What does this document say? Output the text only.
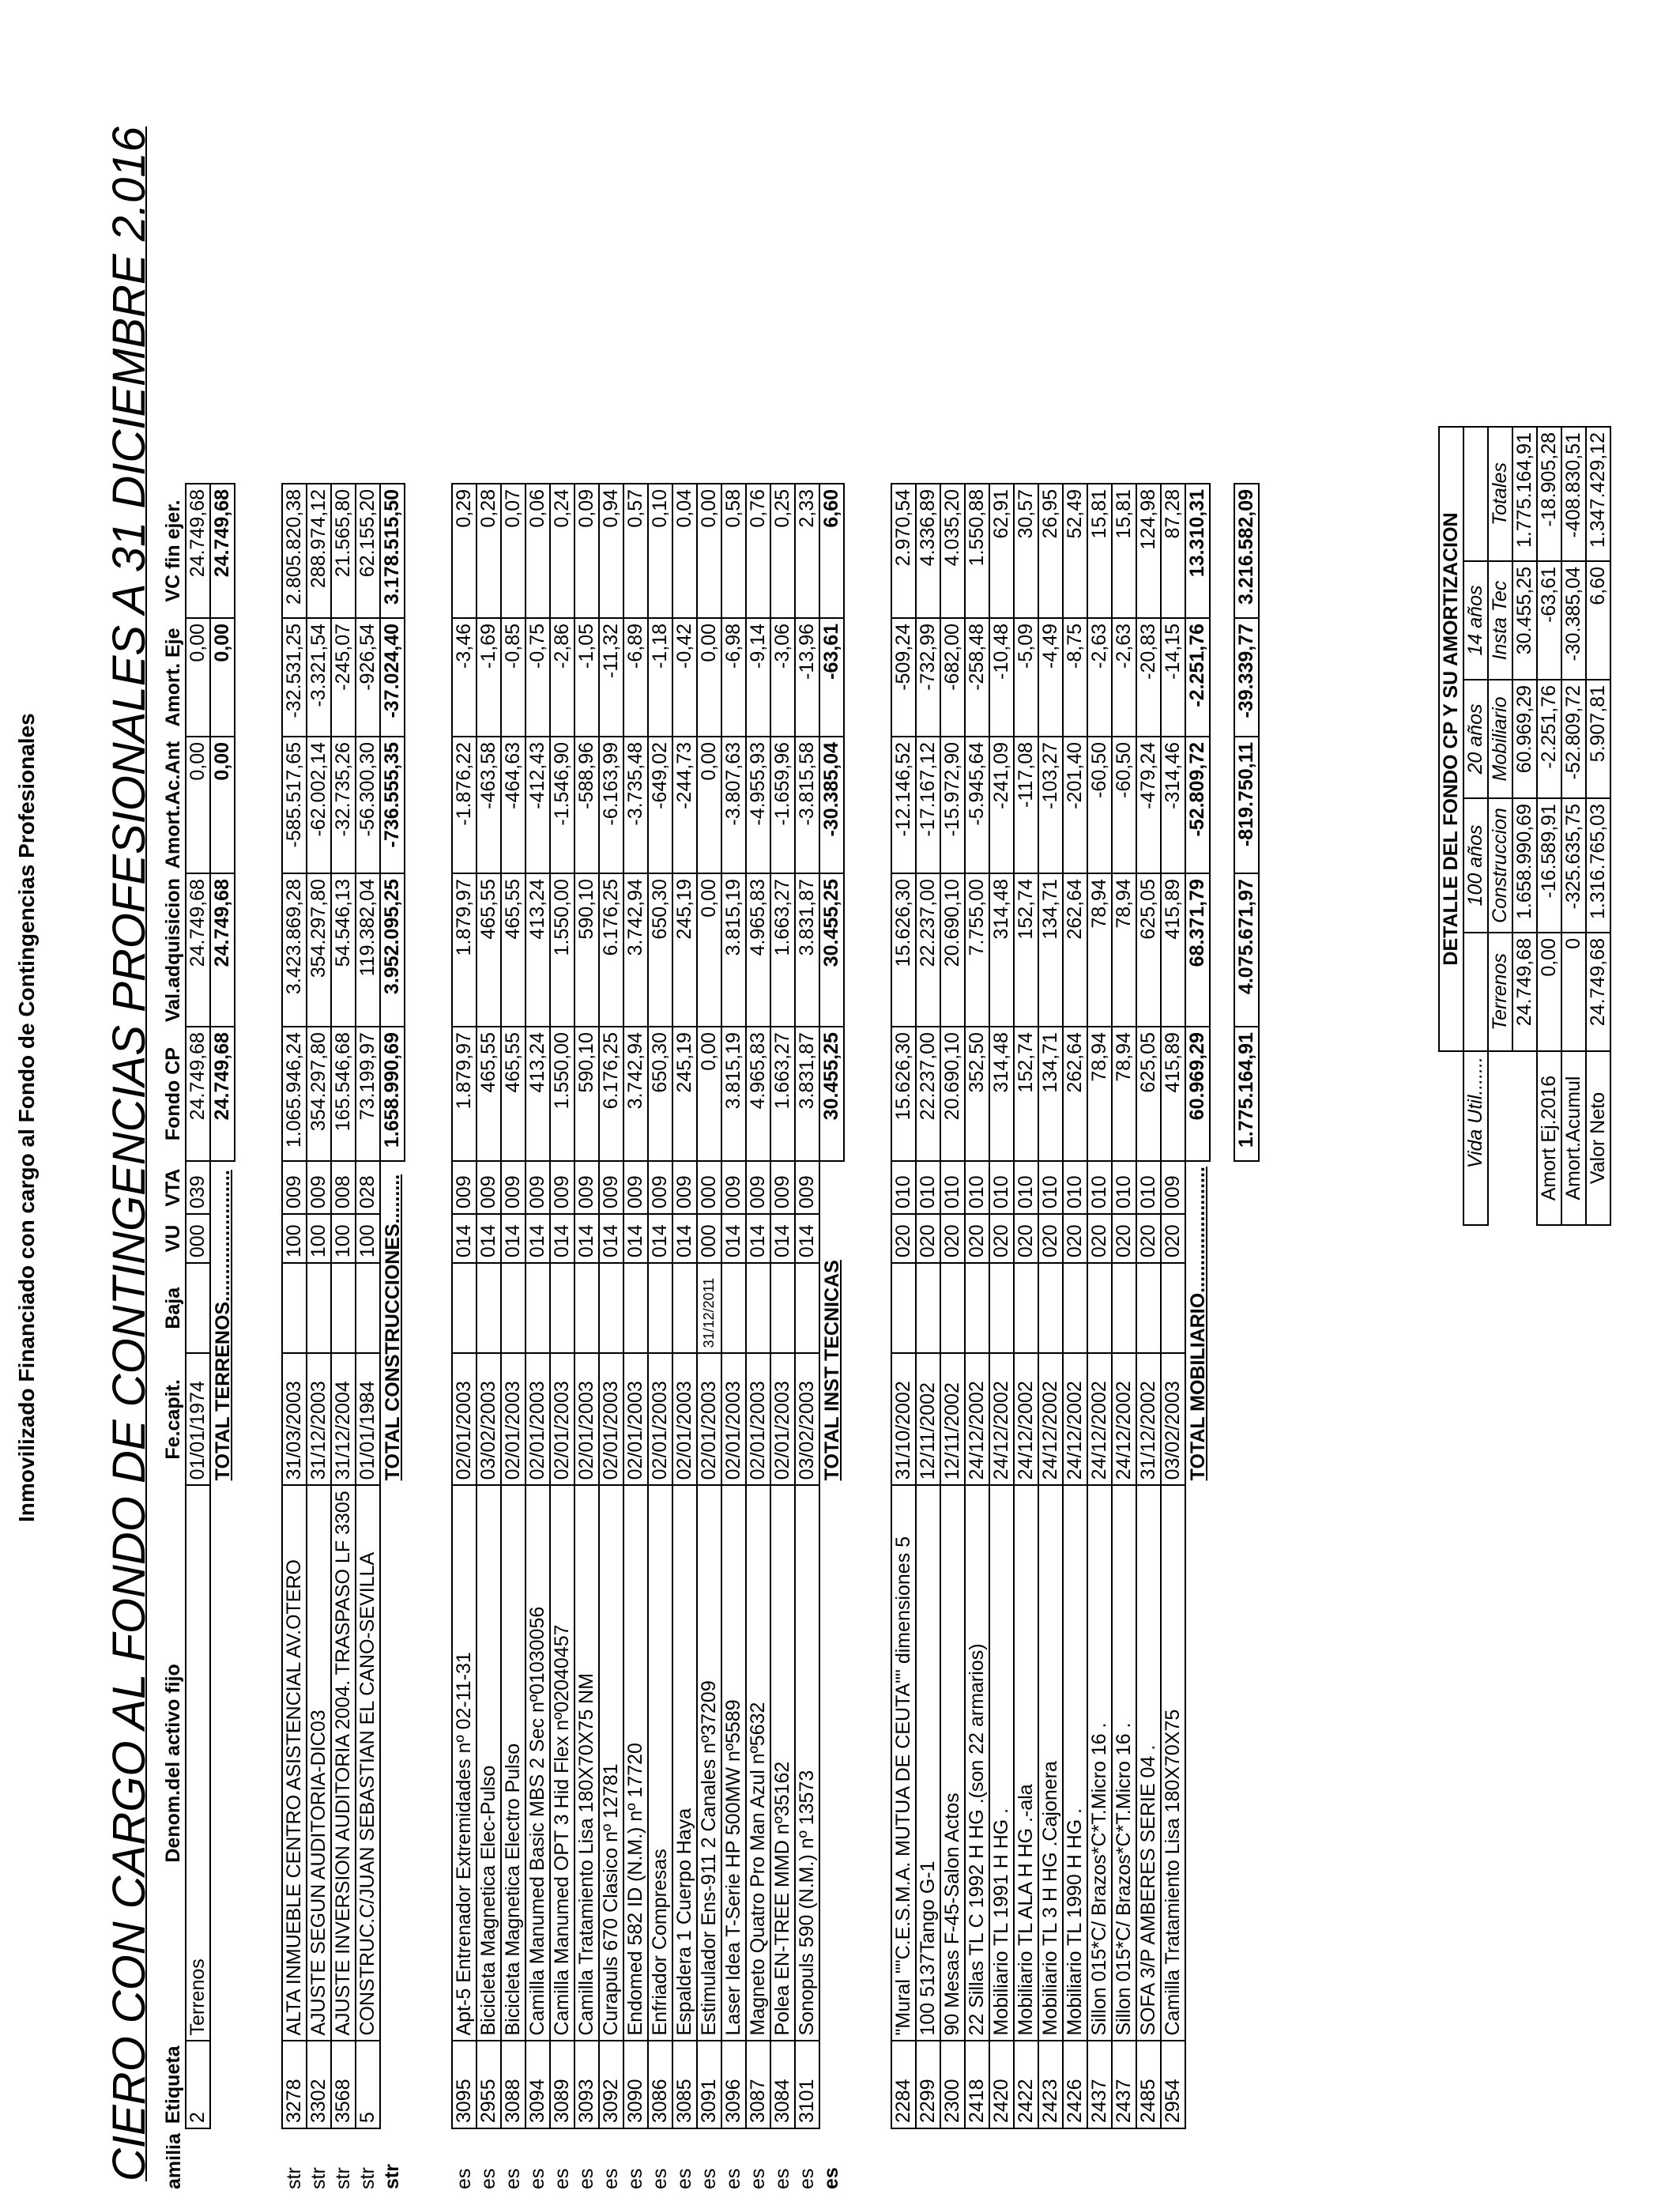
Inmovilizado Financiado con cargo al Fondo de Contingencias Profesionales CIERO CON CARGO AL FONDO DE CONTINGENCIAS PROFESIONALES A 31 DICIEMBRE 2.016 amilia	Etiqueta	Denom.del activo fijo	Fe.capit.	Baja	VU	VTA	Fondo CP	Val.adquisicion	Amort.Ac.Ant	Amort. Eje	VC fin ejer.
	2	Terrenos	01/01/1974		000	039	24.749,68	24.749,68	0,00	0,00	24.749,68
			TOTAL TERRENOS........................				24.749,68	24.749,68	0,00	0,00	24.749,68

str	3278	ALTA INMUEBLE CENTRO ASISTENCIAL AV.OTERO	31/03/2003		100	009	1.065.946,24	3.423.869,28	-585.517,65	-32.531,25	2.805.820,38
str	3302	AJUSTE SEGUN AUDITORIA-DIC03	31/12/2003		100	009	354.297,80	354.297,80	-62.002,14	-3.321,54	288.974,12
str	3568	AJUSTE INVERSION AUDITORIA 2004. TRASPASO LF 3305	31/12/2004		100	008	165.546,68	54.546,13	-32.735,26	-245,07	21.565,80
str	5	CONSTRUC.C/JUAN SEBASTIAN EL CANO-SEVILLA	01/01/1984		100	028	73.199,97	119.382,04	-56.300,30	-926,54	62.155,20
str			TOTAL CONSTRUCCIONES.........				1.658.990,69	3.952.095,25	-736.555,35	-37.024,40	3.178.515,50

es	3095	Apt-5 Entrenador Extremidades nº 02-11-31	02/01/2003		014	009	1.879,97	1.879,97	-1.876,22	-3,46	0,29
es	2955	Bicicleta Magnetica Elec-Pulso	03/02/2003		014	009	465,55	465,55	-463,58	-1,69	0,28
es	3088	Bicicleta Magnetica Electro Pulso	02/01/2003		014	009	465,55	465,55	-464,63	-0,85	0,07
es	3094	Camilla Manumed Basic MBS 2 Sec nº01030056	02/01/2003		014	009	413,24	413,24	-412,43	-0,75	0,06
es	3089	Camilla Manumed OPT 3 Hid Flex nº02040457	02/01/2003		014	009	1.550,00	1.550,00	-1.546,90	-2,86	0,24
es	3093	Camilla Tratamiento Lisa 180X70X75 NM	02/01/2003		014	009	590,10	590,10	-588,96	-1,05	0,09
es	3092	Curapuls 670 Clasico nº 12781	02/01/2003		014	009	6.176,25	6.176,25	-6.163,99	-11,32	0,94
es	3090	Endomed 582 ID (N.M.) nº 17720	02/01/2003		014	009	3.742,94	3.742,94	-3.735,48	-6,89	0,57
es	3086	Enfriador Compresas	02/01/2003		014	009	650,30	650,30	-649,02	-1,18	0,10
es	3085	Espaldera 1 Cuerpo Haya	02/01/2003		014	009	245,19	245,19	-244,73	-0,42	0,04
es	3091	Estimulador Ens-911 2 Canales nº37209	02/01/2003	31/12/2011	000	000	0,00	0,00	0,00	0,00	0,00
es	3096	Laser Idea T-Serie HP 500MW nº5589	02/01/2003		014	009	3.815,19	3.815,19	-3.807,63	-6,98	0,58
es	3087	Magneto Quatro Pro Man Azul nº5632	02/01/2003		014	009	4.965,83	4.965,83	-4.955,93	-9,14	0,76
es	3084	Polea EN-TREE MMD nº35162	02/01/2003		014	009	1.663,27	1.663,27	-1.659,96	-3,06	0,25
es	3101	Sonopuls 590 (N.M.) nº 13573	03/02/2003		014	009	3.831,87	3.831,87	-3.815,58	-13,96	2,33
es			TOTAL INST TECNICAS				30.455,25	30.455,25	-30.385,04	-63,61	6,60

	2284	"Mural ""C.E.S.M.A. MUTUA DE CEUTA"" dimensiones 5	31/10/2002		020	010	15.626,30	15.626,30	-12.146,52	-509,24	2.970,54
	2299	100 5137Tango G-1	12/11/2002		020	010	22.237,00	22.237,00	-17.167,12	-732,99	4.336,89
	2300	90 Mesas F-45-Salon Actos	12/11/2002		020	010	20.690,10	20.690,10	-15.972,90	-682,00	4.035,20
	2418	22 Sillas TL C 1992 H HG .(son 22 armarios)	24/12/2002		020	010	352,50	7.755,00	-5.945,64	-258,48	1.550,88
	2420	Mobiliario TL 1991 H HG .	24/12/2002		020	010	314,48	314,48	-241,09	-10,48	62,91
	2422	Mobiliario TL ALA H HG .-ala	24/12/2002		020	010	152,74	152,74	-117,08	-5,09	30,57
	2423	Mobiliario TL 3 H HG .Cajonera	24/12/2002		020	010	134,71	134,71	-103,27	-4,49	26,95
	2426	Mobiliario TL 1990 H HG .	24/12/2002		020	010	262,64	262,64	-201,40	-8,75	52,49
	2437	Sillon 015*C/ Brazos*C*T.Micro 16 .	24/12/2002		020	010	78,94	78,94	-60,50	-2,63	15,81
	2437	Sillon 015*C/ Brazos*C*T.Micro 16 .	24/12/2002		020	010	78,94	78,94	-60,50	-2,63	15,81
	2485	SOFA 3/P AMBERES SERIE 04 .	31/12/2002		020	010	625,05	625,05	-479,24	-20,83	124,98
	2954	Camilla Tratamiento Lisa 180X70X75	03/02/2003		020	009	415,89	415,89	-314,46	-14,15	87,28
			TOTAL MOBILIARIO.......................				60.969,29	68.371,79	-52.809,72	-2.251,76	13.310,31

							1.775.164,91	4.075.671,97	-819.750,11	-39.339,77	3.216.582,09
		DETALLE DEL FONDO CP Y SU AMORTIZACION				
Vida Util.......		100 años	20 años	14 años	
	Terrenos	Construccion	Mobiliario	Insta Tec	Totales
	24.749,68	1.658.990,69	60.969,29	30.455,25	1.775.164,91
Amort Ej.2016	0,00	-16.589,91	-2.251,76	-63,61	-18.905,28
Amort.Acumul	0	-325.635,75	-52.809,72	-30.385,04	-408.830,51
Valor Neto	24.749,68	1.316.765,03	5.907,81	6,60	1.347.429,12
